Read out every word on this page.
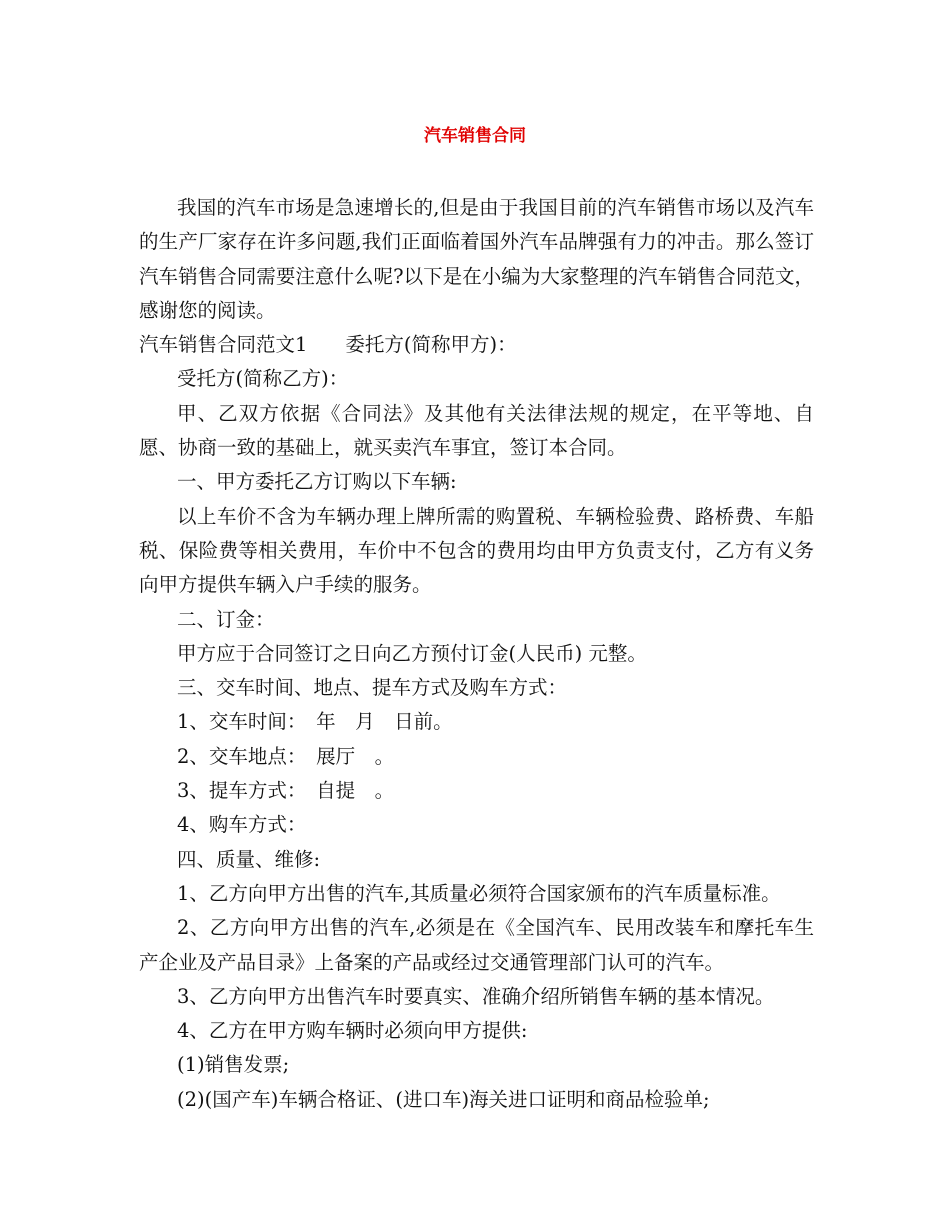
汽车销售合同

我国的汽车市场是急速增长的,但是由于我国目前的汽车销售市场以及汽车的生产厂家存在许多问题,我们正面临着国外汽车品牌强有力的冲击。那么签订汽车销售合同需要注意什么呢?以下是在小编为大家整理的汽车销售合同范文，感谢您的阅读。

汽车销售合同范文1 委托方(简称甲方)：

受托方(简称乙方)：

甲、乙双方依据《合同法》及其他有关法律法规的规定，在平等地、自愿、协商一致的基础上，就买卖汽车事宜，签订本合同。

一、甲方委托乙方订购以下车辆:

以上车价不含为车辆办理上牌所需的购置税、车辆检验费、路桥费、车船税、保险费等相关费用，车价中不包含的费用均由甲方负责支付，乙方有义务向甲方提供车辆入户手续的服务。

二、订金：

甲方应于合同签订之日向乙方预付订金(人民币) 元整。

三、交车时间、地点、提车方式及购车方式：

1、交车时间：　年　月　日前。

2、交车地点：　展厅　。

3、提车方式：　自提　。

4、购车方式：

四、质量、维修:

1、乙方向甲方出售的汽车,其质量必须符合国家颁布的汽车质量标准。

2、乙方向甲方出售的汽车,必须是在《全国汽车、民用改装车和摩托车生产企业及产品目录》上备案的产品或经过交通管理部门认可的汽车。

3、乙方向甲方出售汽车时要真实、准确介绍所销售车辆的基本情况。

4、乙方在甲方购车辆时必须向甲方提供:

(1)销售发票;

(2)(国产车)车辆合格证、(进口车)海关进口证明和商品检验单;
